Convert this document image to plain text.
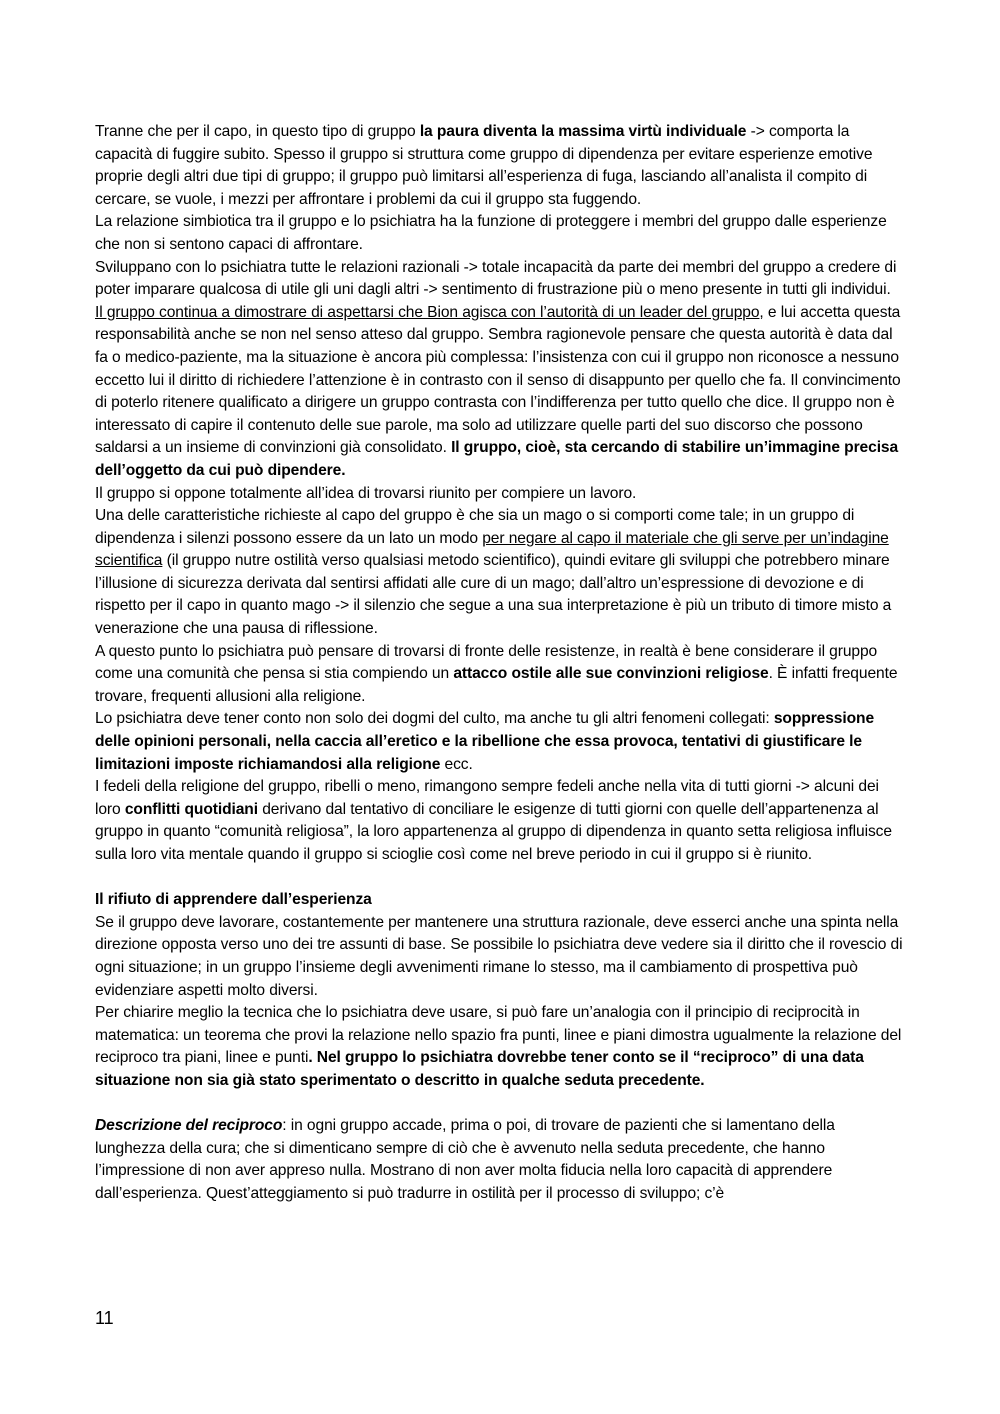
Tranne che per il capo, in questo tipo di gruppo la paura diventa la massima virtù individuale -> comporta la capacità di fuggire subito. Spesso il gruppo si struttura come gruppo di dipendenza per evitare esperienze emotive proprie degli altri due tipi di gruppo; il gruppo può limitarsi all’esperienza di fuga, lasciando all’analista il compito di cercare, se vuole, i mezzi per affrontare i problemi da cui il gruppo sta fuggendo.

La relazione simbiotica tra il gruppo e lo psichiatra ha la funzione di proteggere i membri del gruppo dalle esperienze che non si sentono capaci di affrontare.

Sviluppano con lo psichiatra tutte le relazioni razionali -> totale incapacità da parte dei membri del gruppo a credere di poter imparare qualcosa di utile gli uni dagli altri -> sentimento di frustrazione più o meno presente in tutti gli individui.

Il gruppo continua a dimostrare di aspettarsi che Bion agisca con l’autorità di un leader del gruppo, e lui accetta questa responsabilità anche se non nel senso atteso dal gruppo. Sembra ragionevole pensare che questa autorità è data dal fa o medico-paziente, ma la situazione è ancora più complessa: l’insistenza con cui il gruppo non riconosce a nessuno eccetto lui il diritto di richiedere l’attenzione è in contrasto con il senso di disappunto per quello che fa. Il convincimento di poterlo ritenere qualificato a dirigere un gruppo contrasta con l’indifferenza per tutto quello che dice. Il gruppo non è interessato di capire il contenuto delle sue parole, ma solo ad utilizzare quelle parti del suo discorso che possono saldarsi a un insieme di convinzioni già consolidato. Il gruppo, cioè, sta cercando di stabilire un’immagine precisa dell’oggetto da cui può dipendere.

Il gruppo si oppone totalmente all’idea di trovarsi riunito per compiere un lavoro.

Una delle caratteristiche richieste al capo del gruppo è che sia un mago o si comporti come tale; in un gruppo di dipendenza i silenzi possono essere da un lato un modo per negare al capo il materiale che gli serve per un’indagine scientifica (il gruppo nutre ostilità verso qualsiasi metodo scientifico), quindi evitare gli sviluppi che potrebbero minare l’illusione di sicurezza derivata dal sentirsi affidati alle cure di un mago; dall’altro un’espressione di devozione e di rispetto per il capo in quanto mago -> il silenzio che segue a una sua interpretazione è più un tributo di timore misto a venerazione che una pausa di riflessione.

A questo punto lo psichiatra può pensare di trovarsi di fronte delle resistenze, in realtà è bene considerare il gruppo come una comunità che pensa si stia compiendo un attacco ostile alle sue convinzioni religiose. È infatti frequente trovare, frequenti allusioni alla religione.

Lo psichiatra deve tener conto non solo dei dogmi del culto, ma anche tu gli altri fenomeni collegati: soppressione delle opinioni personali, nella caccia all’eretico e la ribellione che essa provoca, tentativi di giustificare le limitazioni imposte richiamandosi alla religione ecc.

I fedeli della religione del gruppo, ribelli o meno, rimangono sempre fedeli anche nella vita di tutti giorni -> alcuni dei loro conflitti quotidiani derivano dal tentativo di conciliare le esigenze di tutti giorni con quelle dell’appartenenza al gruppo in quanto “comunità religiosa”, la loro appartenenza al gruppo di dipendenza in quanto setta religiosa influisce sulla loro vita mentale quando il gruppo si scioglie così come nel breve periodo in cui il gruppo si è riunito.

Il rifiuto di apprendere dall’esperienza

Se il gruppo deve lavorare, costantemente per mantenere una struttura razionale, deve esserci anche una spinta nella direzione opposta verso uno dei tre assunti di base. Se possibile lo psichiatra deve vedere sia il diritto che il rovescio di ogni situazione; in un gruppo l’insieme degli avvenimenti rimane lo stesso, ma il cambiamento di prospettiva può evidenziare aspetti molto diversi.

Per chiarire meglio la tecnica che lo psichiatra deve usare, si può fare un’analogia con il principio di reciprocità in matematica: un teorema che provi la relazione nello spazio fra punti, linee e piani dimostra ugualmente la relazione del reciproco tra piani, linee e punti. Nel gruppo lo psichiatra dovrebbe tener conto se il “reciproco” di una data situazione non sia già stato sperimentato o descritto in qualche seduta precedente.

Descrizione del reciproco: in ogni gruppo accade, prima o poi, di trovare de pazienti che si lamentano della lunghezza della cura; che si dimenticano sempre di ciò che è avvenuto nella seduta precedente, che hanno l’impressione di non aver appreso nulla. Mostrano di non aver molta fiducia nella loro capacità di apprendere dall’esperienza. Quest’atteggiamento si può tradurre in ostilità per il processo di sviluppo; c’è

11
